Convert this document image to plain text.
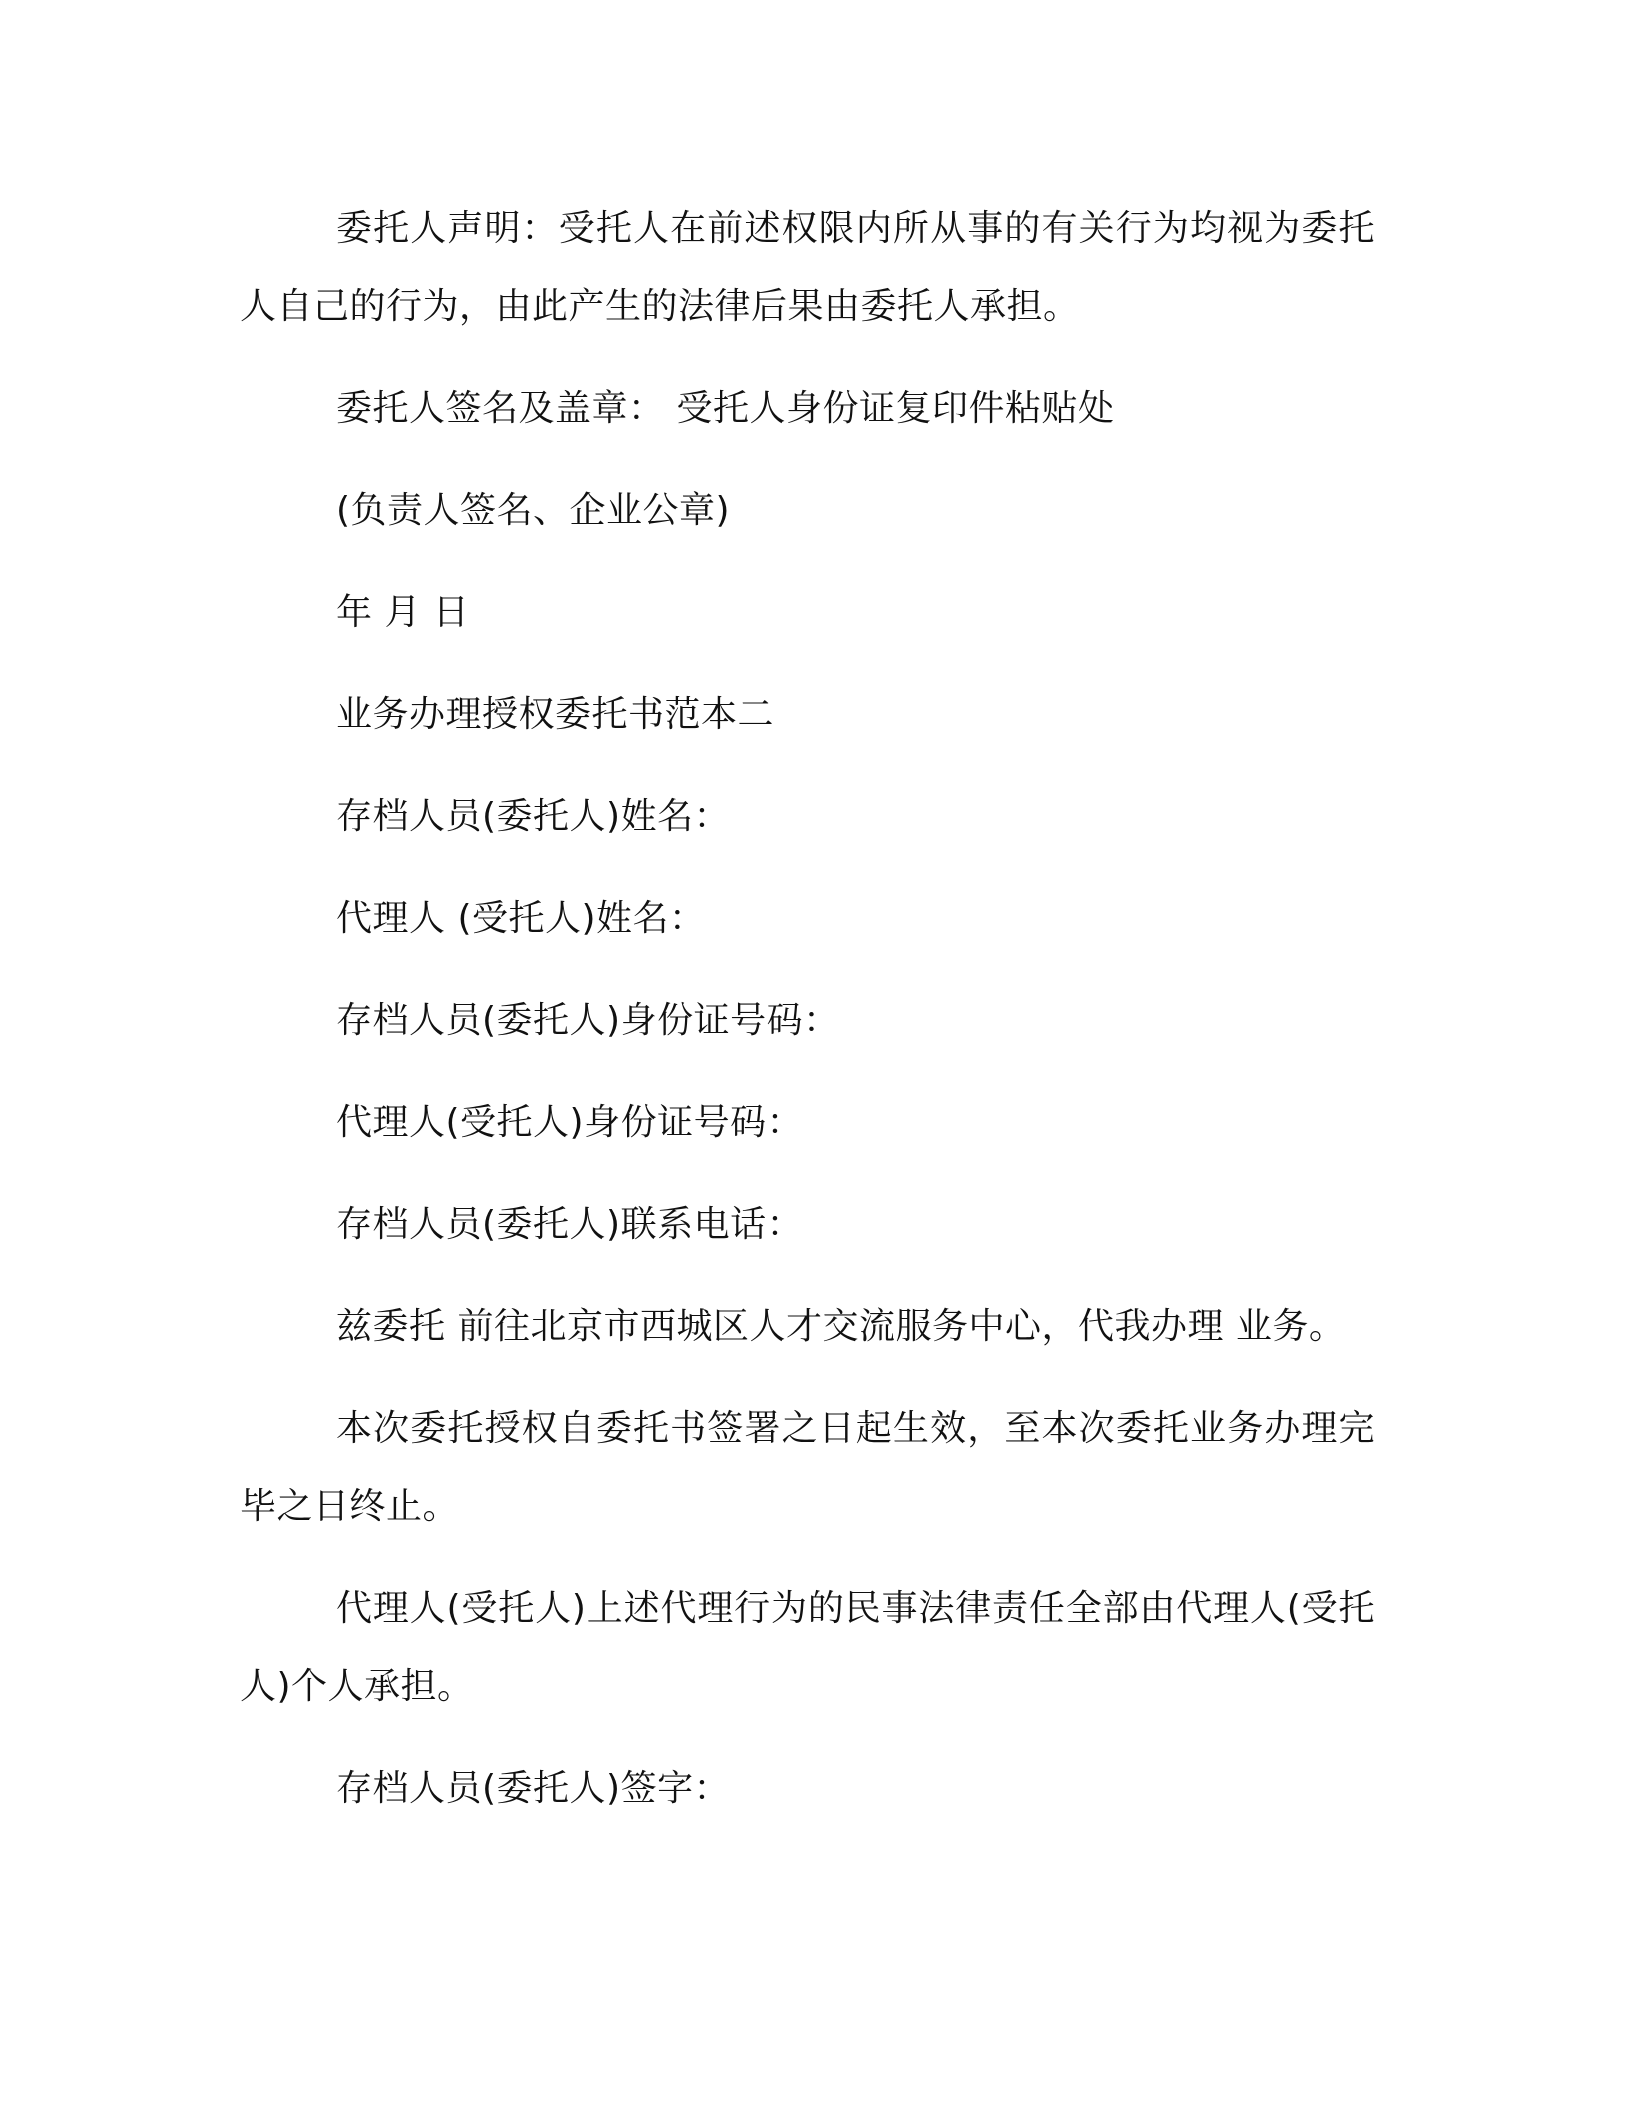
委托人声明：受托人在前述权限内所从事的有关行为均视为委托人自己的行为，由此产生的法律后果由委托人承担。

委托人签名及盖章： 受托人身份证复印件粘贴处

(负责人签名、企业公章)

年 月 日

业务办理授权委托书范本二

存档人员(委托人)姓名：

代理人 (受托人)姓名：

存档人员(委托人)身份证号码：

代理人(受托人)身份证号码：

存档人员(委托人)联系电话：

兹委托 前往北京市西城区人才交流服务中心，代我办理 业务。

本次委托授权自委托书签署之日起生效，至本次委托业务办理完毕之日终止。

代理人(受托人)上述代理行为的民事法律责任全部由代理人(受托人)个人承担。

存档人员(委托人)签字：
